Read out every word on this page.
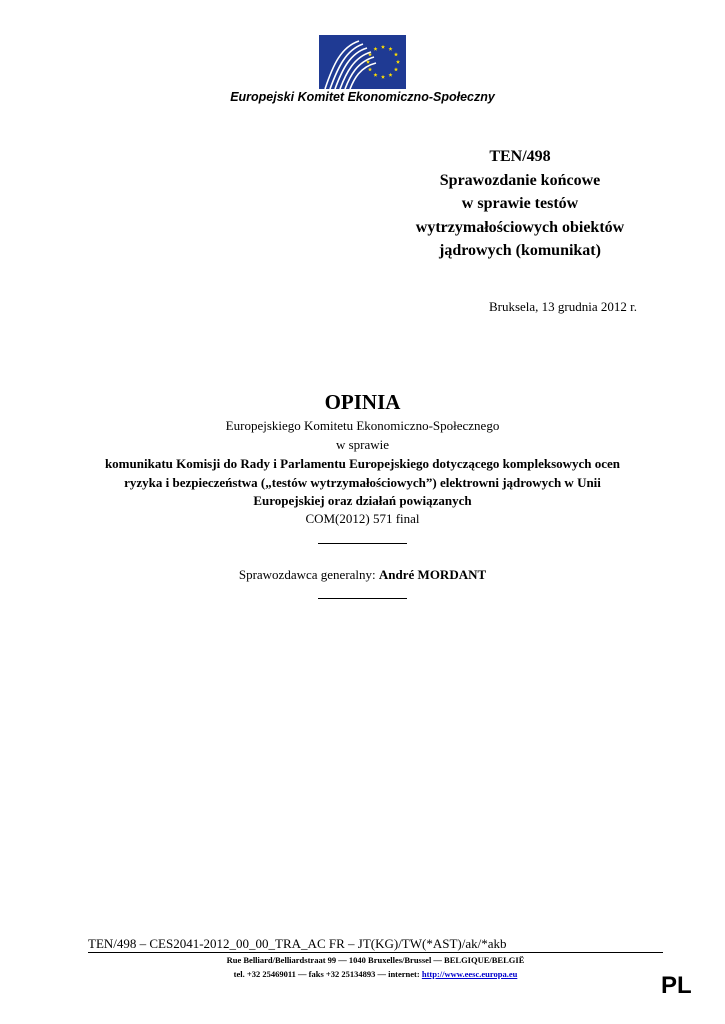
Europejski Komitet Ekonomiczno-Społeczny
TEN/498
Sprawozdanie końcowe
w sprawie testów
wytrzymałościowych obiektów
jądrowych (komunikat)
Bruksela, 13 grudnia 2012 r.
OPINIA
Europejskiego Komitetu Ekonomiczno-Społecznego
w sprawie
komunikatu Komisji do Rady i Parlamentu Europejskiego dotyczącego kompleksowych ocen
ryzyka i bezpieczeństwa („testów wytrzymałościowych”) elektrowni jądrowych w Unii
Europejskiej oraz działań powiązanych
COM(2012) 571 final
Sprawozdawca generalny: André MORDANT
TEN/498 – CES2041-2012_00_00_TRA_AC FR – JT(KG)/TW(*AST)/ak/*akb
Rue Belliard/Belliardstraat 99 — 1040 Bruxelles/Brussel — BELGIQUE/BELGIË
tel. +32 25469011 — faks +32 25134893 — internet: http://www.eesc.europa.eu	PL
